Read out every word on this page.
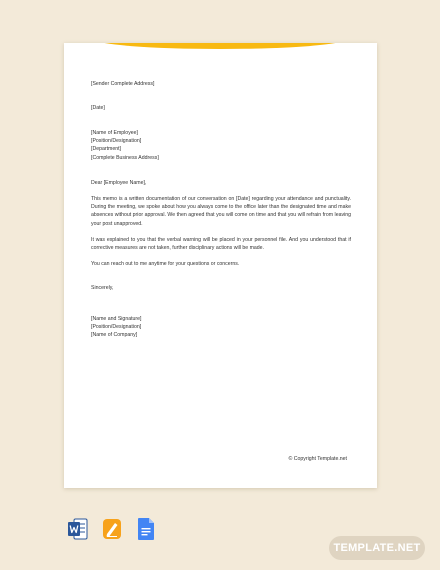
[Sender Complete Address]

[Date]

[Name of Employee]
[Position/Designation]
[Department]
[Complete Business Address]

Dear [Employee Name],

This memo is a written documentation of our conversation on [Date] regarding your attendance and punctuality. During the meeting, we spoke about how you always come to the office later than the designated time and make absences without prior approval. We then agreed that you will come on time and that you will refrain from leaving your post unapproved.

It was explained to you that the verbal warning will be placed in your personnel file. And you understood that if corrective measures are not taken, further disciplinary actions will be made.

You can reach out to me anytime for your questions or concerns.

Sincerely,

[Name and Signature]
[Position/Designation]
[Name of Company]
© Copyright Template.net
TEMPLATE.NET
